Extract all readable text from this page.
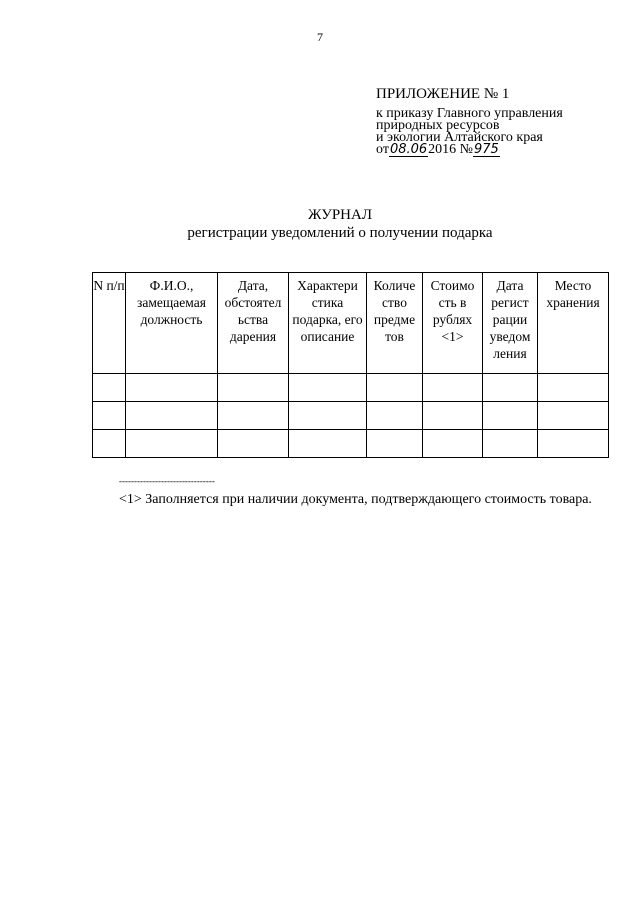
7
ПРИЛОЖЕНИЕ № 1
к приказу Главного управления
природных ресурсов
и экологии Алтайского края
от08.062016 №975
ЖУРНАЛ
регистрации уведомлений о получении подарка
N п/п	Ф.И.О., замещаемая должность	Дата, обстоятел ьства дарения	Характери стика подарка, его описание	Количе ство предме тов	Стоимо сть в рублях <1>	Дата регист рации уведом ления	Место хранения

--------------------------------
<1> Заполняется при наличии документа, подтверждающего стоимость товара.
